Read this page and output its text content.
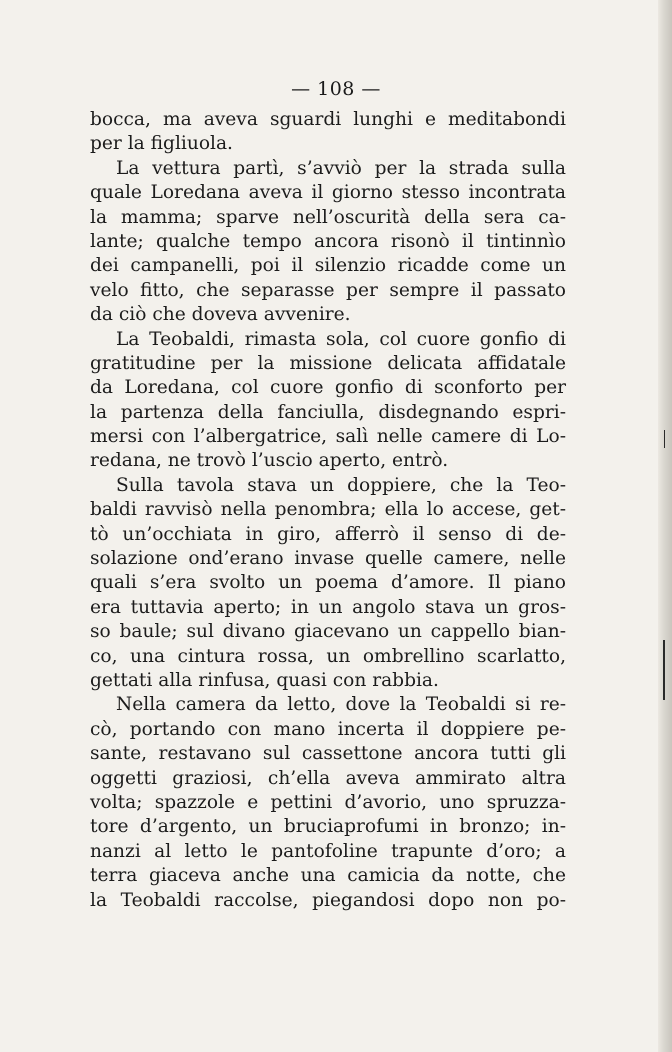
— 108 —
bocca, ma aveva sguardi lunghi e meditabondi
per la figliuola.
La vettura partì, s’avviò per la strada sulla
quale Loredana aveva il giorno stesso incontrata
la mamma; sparve nell’oscurità della sera ca-
lante; qualche tempo ancora risonò il tintinnìo
dei campanelli, poi il silenzio ricadde come un
velo fitto, che separasse per sempre il passato
da ciò che doveva avvenire.
La Teobaldi, rimasta sola, col cuore gonfio di
gratitudine per la missione delicata affidatale
da Loredana, col cuore gonfio di sconforto per
la partenza della fanciulla, disdegnando espri-
mersi con l’albergatrice, salì nelle camere di Lo-
redana, ne trovò l’uscio aperto, entrò.
Sulla tavola stava un doppiere, che la Teo-
baldi ravvisò nella penombra; ella lo accese, get-
tò un’occhiata in giro, afferrò il senso di de-
solazione ond’erano invase quelle camere, nelle
quali s’era svolto un poema d’amore. Il piano
era tuttavia aperto; in un angolo stava un gros-
so baule; sul divano giacevano un cappello bian-
co, una cintura rossa, un ombrellino scarlatto,
gettati alla rinfusa, quasi con rabbia.
Nella camera da letto, dove la Teobaldi si re-
cò, portando con mano incerta il doppiere pe-
sante, restavano sul cassettone ancora tutti gli
oggetti graziosi, ch’ella aveva ammirato altra
volta; spazzole e pettini d’avorio, uno spruzza-
tore d’argento, un bruciaprofumi in bronzo; in-
nanzi al letto le pantofoline trapunte d’oro; a
terra giaceva anche una camicia da notte, che
la Teobaldi raccolse, piegandosi dopo non po-
